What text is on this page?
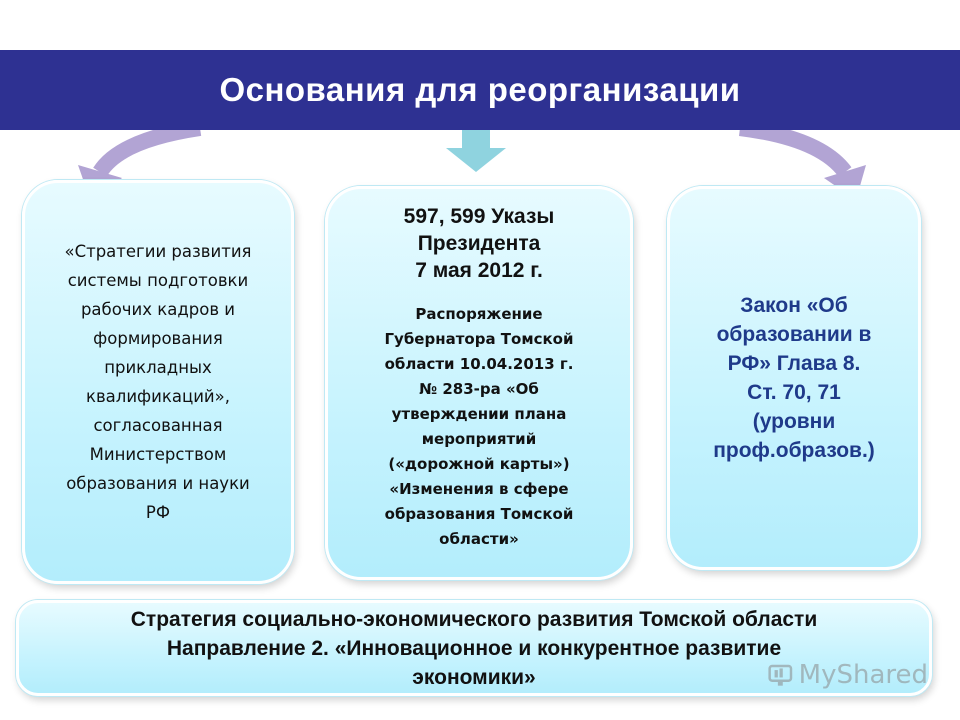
Основания для реорганизации
«Стратегии развития
системы подготовки
рабочих кадров и
формирования
прикладных
квалификаций»,
согласованная
Министерством
образования и науки
РФ
597, 599 Указы
Президента
7 мая 2012 г.
Распоряжение
Губернатора Томской
области 10.04.2013 г.
№ 283-ра «Об
утверждении плана
мероприятий
(«дорожной карты»)
«Изменения в сфере
образования Томской
области»
Закон «Об
образовании в
РФ» Глава 8.
Ст. 70, 71
(уровни
проф.образов.)
Стратегия социально-экономического развития Томской области
Направление 2. «Инновационное и конкурентное развитие
экономики»	MyShared
